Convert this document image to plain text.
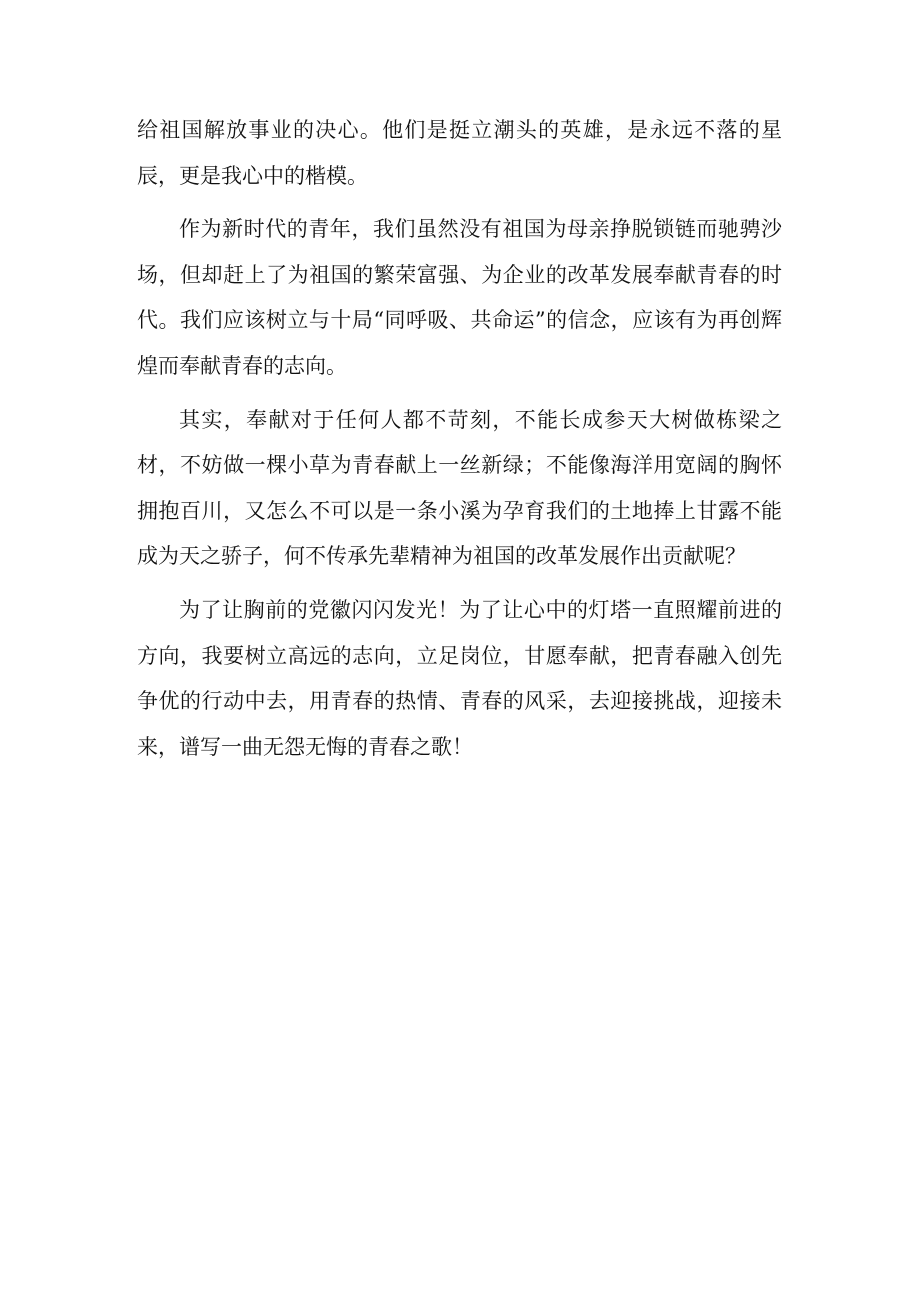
给祖国解放事业的决心。他们是挺立潮头的英雄，是永远不落的星辰，更是我心中的楷模。

作为新时代的青年，我们虽然没有祖国为母亲挣脱锁链而驰骋沙场，但却赶上了为祖国的繁荣富强、为企业的改革发展奉献青春的时代。我们应该树立与十局“同呼吸、共命运”的信念，应该有为再创辉煌而奉献青春的志向。

其实，奉献对于任何人都不苛刻，不能长成参天大树做栋梁之材，不妨做一棵小草为青春献上一丝新绿；不能像海洋用宽阔的胸怀拥抱百川，又怎么不可以是一条小溪为孕育我们的土地捧上甘露不能成为天之骄子，何不传承先辈精神为祖国的改革发展作出贡献呢？

为了让胸前的党徽闪闪发光！为了让心中的灯塔一直照耀前进的方向，我要树立高远的志向，立足岗位，甘愿奉献，把青春融入创先争优的行动中去，用青春的热情、青春的风采，去迎接挑战，迎接未来，谱写一曲无怨无悔的青春之歌！
